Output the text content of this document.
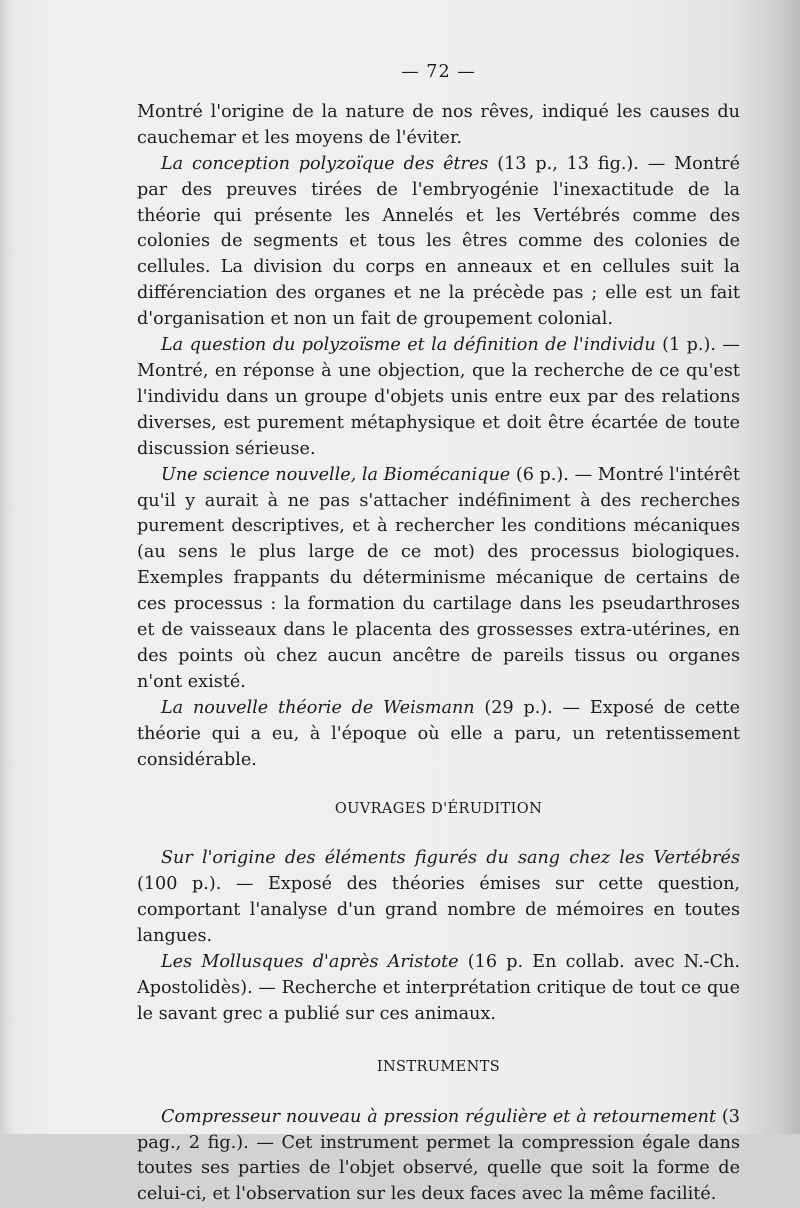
— 72 —

Montré l'origine de la nature de nos rêves, indiqué les causes du cauchemar et les moyens de l'éviter.

La conception polyzoïque des êtres (13 p., 13 fig.). — Montré par des preuves tirées de l'embryogénie l'inexactitude de la théorie qui présente les Annelés et les Vertébrés comme des colonies de segments et tous les êtres comme des colonies de cellules. La division du corps en anneaux et en cellules suit la différenciation des organes et ne la précède pas ; elle est un fait d'organisation et non un fait de groupement colonial.

La question du polyzoïsme et la définition de l'individu (1 p.). — Montré, en réponse à une objection, que la recherche de ce qu'est l'individu dans un groupe d'objets unis entre eux par des relations diverses, est purement métaphysique et doit être écartée de toute discussion sérieuse.

Une science nouvelle, la Biomécanique (6 p.). — Montré l'intérêt qu'il y aurait à ne pas s'attacher indéfiniment à des recherches purement descriptives, et à rechercher les conditions mécaniques (au sens le plus large de ce mot) des processus biologiques. Exemples frappants du déterminisme mécanique de certains de ces processus : la formation du cartilage dans les pseudarthroses et de vaisseaux dans le placenta des grossesses extra-utérines, en des points où chez aucun ancêtre de pareils tissus ou organes n'ont existé.

La nouvelle théorie de Weismann (29 p.). — Exposé de cette théorie qui a eu, à l'époque où elle a paru, un retentissement considérable.

OUVRAGES D'ÉRUDITION

Sur l'origine des éléments figurés du sang chez les Vertébrés (100 p.). — Exposé des théories émises sur cette question, comportant l'analyse d'un grand nombre de mémoires en toutes langues.

Les Mollusques d'après Aristote (16 p. En collab. avec N.-Ch. Apostolidès). — Recherche et interprétation critique de tout ce que le savant grec a publié sur ces animaux.

INSTRUMENTS

Compresseur nouveau à pression régulière et à retournement (3 pag., 2 fig.). — Cet instrument permet la compression égale dans toutes ses parties de l'objet observé, quelle que soit la forme de celui-ci, et l'observation sur les deux faces avec la même facilité.
